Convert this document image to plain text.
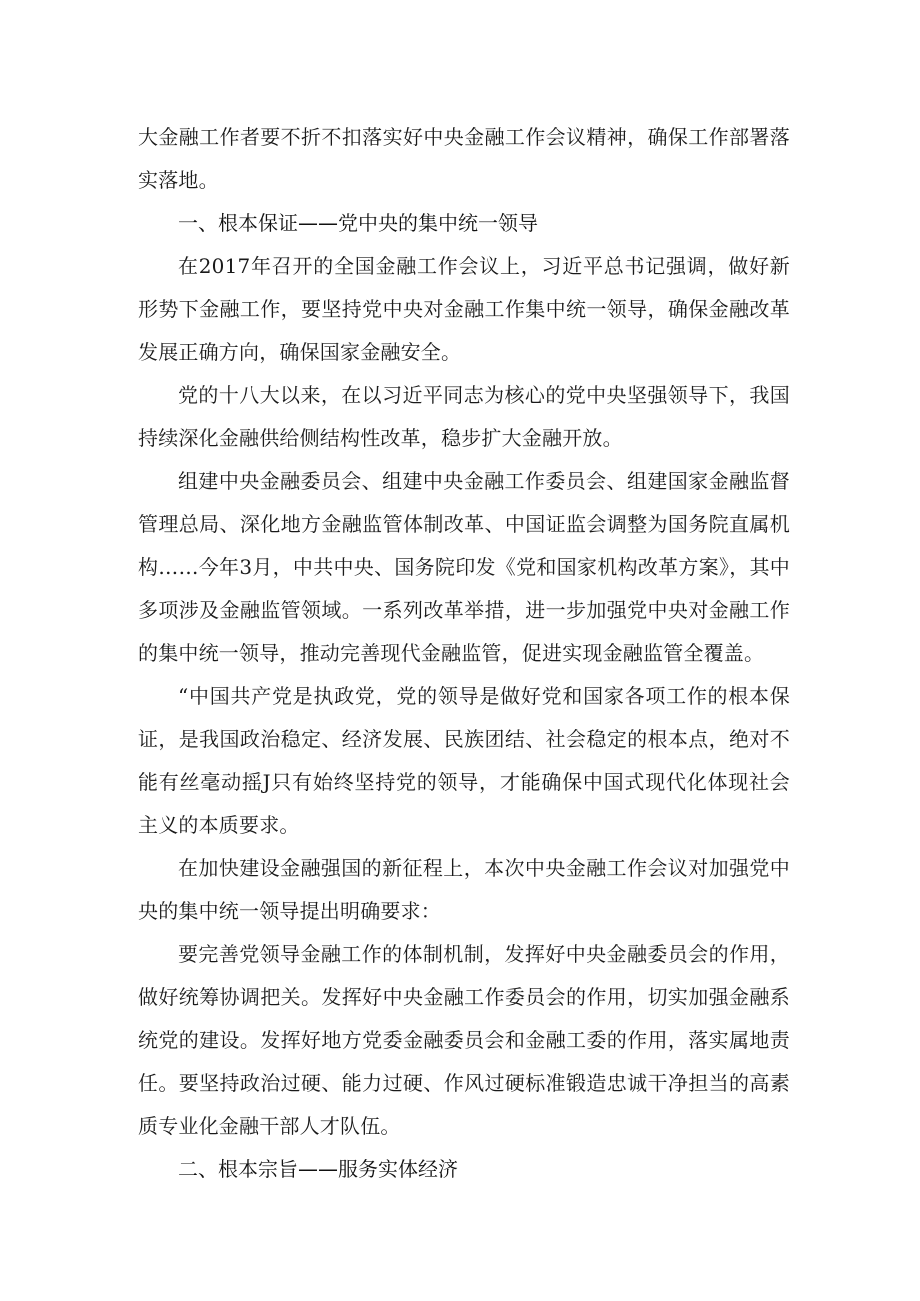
大金融工作者要不折不扣落实好中央金融工作会议精神，确保工作部署落实落地。
一、根本保证——党中央的集中统一领导
在2017年召开的全国金融工作会议上，习近平总书记强调，做好新形势下金融工作，要坚持党中央对金融工作集中统一领导，确保金融改革发展正确方向，确保国家金融安全。
党的十八大以来，在以习近平同志为核心的党中央坚强领导下，我国持续深化金融供给侧结构性改革，稳步扩大金融开放。
组建中央金融委员会、组建中央金融工作委员会、组建国家金融监督管理总局、深化地方金融监管体制改革、中国证监会调整为国务院直属机构……今年3月，中共中央、国务院印发《党和国家机构改革方案》，其中多项涉及金融监管领域。一系列改革举措，进一步加强党中央对金融工作的集中统一领导，推动完善现代金融监管，促进实现金融监管全覆盖。
“中国共产党是执政党，党的领导是做好党和国家各项工作的根本保证，是我国政治稳定、经济发展、民族团结、社会稳定的根本点，绝对不能有丝毫动摇J只有始终坚持党的领导，才能确保中国式现代化体现社会主义的本质要求。
在加快建设金融强国的新征程上，本次中央金融工作会议对加强党中央的集中统一领导提出明确要求：
要完善党领导金融工作的体制机制，发挥好中央金融委员会的作用，做好统筹协调把关。发挥好中央金融工作委员会的作用，切实加强金融系统党的建设。发挥好地方党委金融委员会和金融工委的作用，落实属地责任。要坚持政治过硬、能力过硬、作风过硬标准锻造忠诚干净担当的高素质专业化金融干部人才队伍。
二、根本宗旨——服务实体经济
